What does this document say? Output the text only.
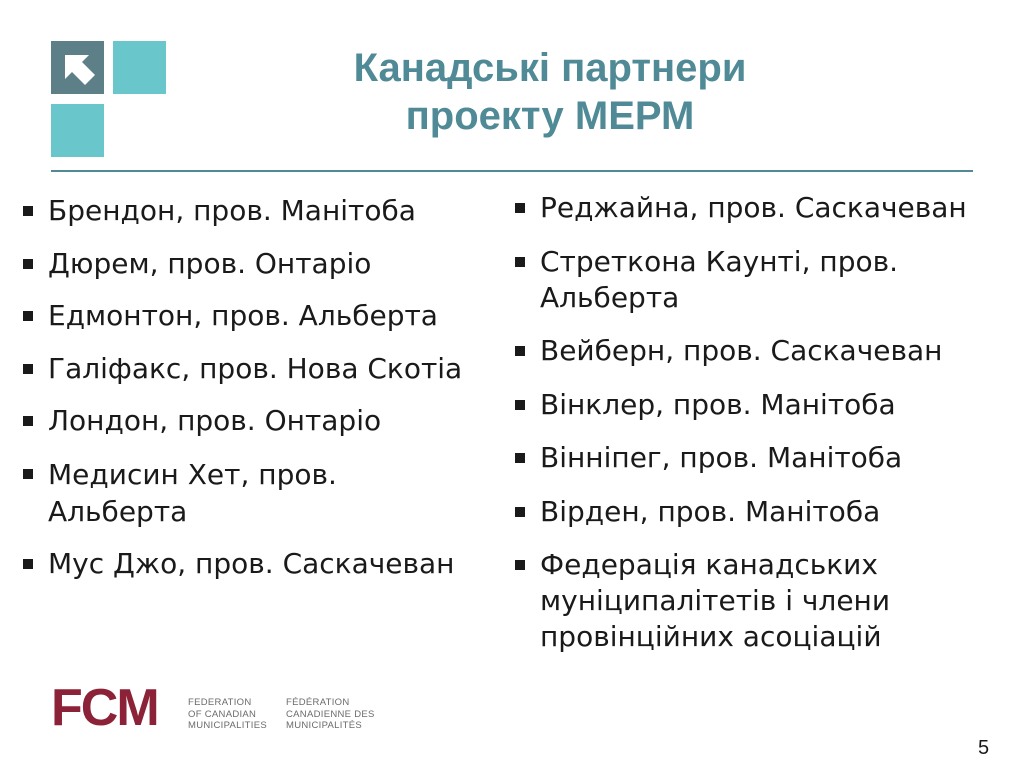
Канадські партнери
проекту МЕРМ
Брендон, пров. Манітоба
Дюрем, пров. Онтаріо
Едмонтон, пров. Альберта
Галіфакс, пров. Нова Скотіа
Лондон, пров. Онтаріо
Медисин Хет, пров.
Альберта
Мус Джо, пров. Саскачеван
Реджайна, пров. Саскачеван
Стреткона Каунті, пров.
Альберта
Вейберн, пров. Саскачеван
Вінклер, пров. Манітоба
Вінніпег, пров. Манітоба
Вірден, пров. Манітоба
Федерація канадських
муніципалітетів і члени
провінційних асоціацій
FCM	FEDERATION
OF CANADIAN
MUNICIPALITIES
FÉDÉRATION
CANADIENNE DES
MUNICIPALITÉS
5
